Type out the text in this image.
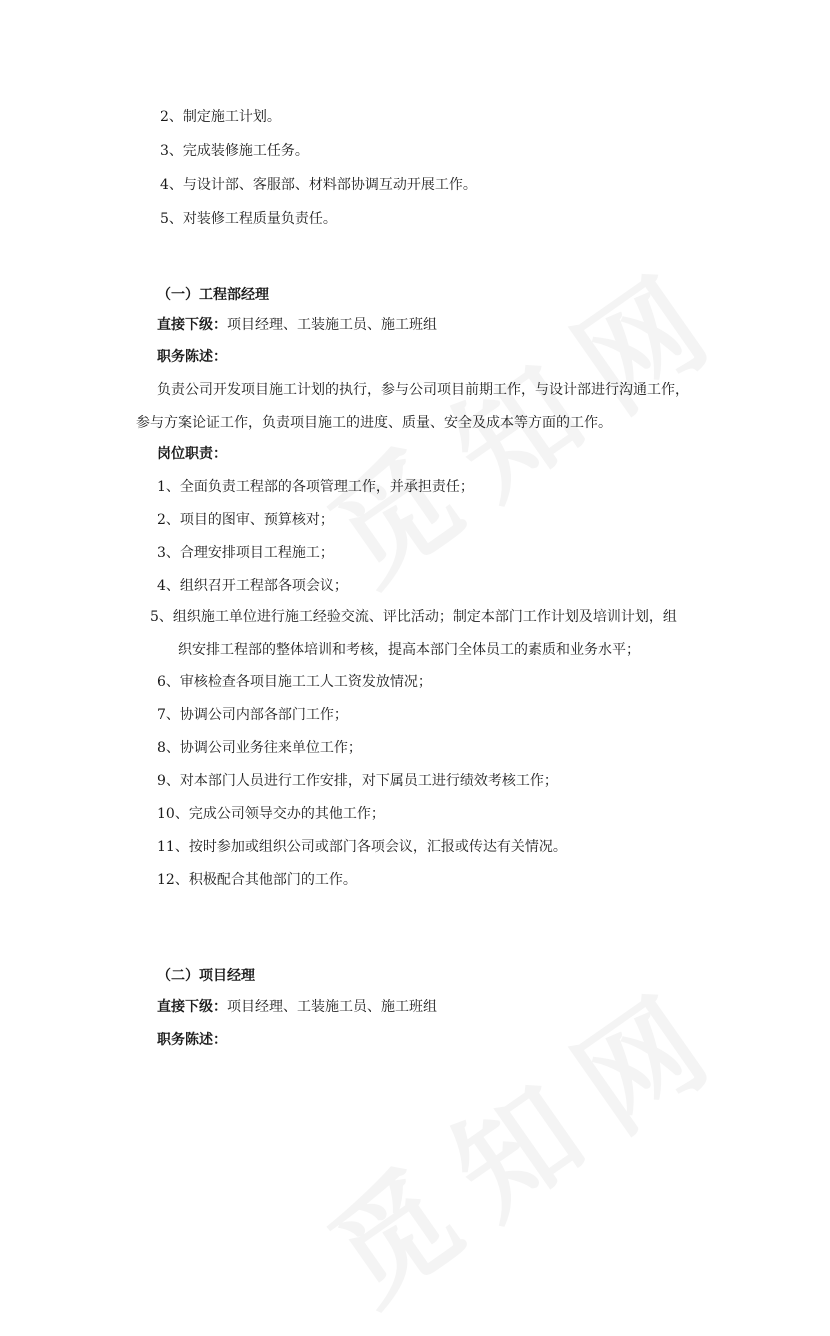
2、制定施工计划。
3、完成装修施工任务。
4、与设计部、客服部、材料部协调互动开展工作。
5、对装修工程质量负责任。
（一）工程部经理
直接下级：项目经理、工装施工员、施工班组
职务陈述：
负责公司开发项目施工计划的执行，参与公司项目前期工作，与设计部进行沟通工作，
参与方案论证工作，负责项目施工的进度、质量、安全及成本等方面的工作。
岗位职责：
1、全面负责工程部的各项管理工作，并承担责任；
2、项目的图审、预算核对；
3、合理安排项目工程施工；
4、组织召开工程部各项会议；
5、组织施工单位进行施工经验交流、评比活动；制定本部门工作计划及培训计划，组
织安排工程部的整体培训和考核，提高本部门全体员工的素质和业务水平；
6、审核检查各项目施工工人工资发放情况；
7、协调公司内部各部门工作；
8、协调公司业务往来单位工作；
9、对本部门人员进行工作安排，对下属员工进行绩效考核工作；
10、完成公司领导交办的其他工作；
11、按时参加或组织公司或部门各项会议，汇报或传达有关情况。
12、积极配合其他部门的工作。
（二）项目经理
直接下级：项目经理、工装施工员、施工班组
职务陈述：
